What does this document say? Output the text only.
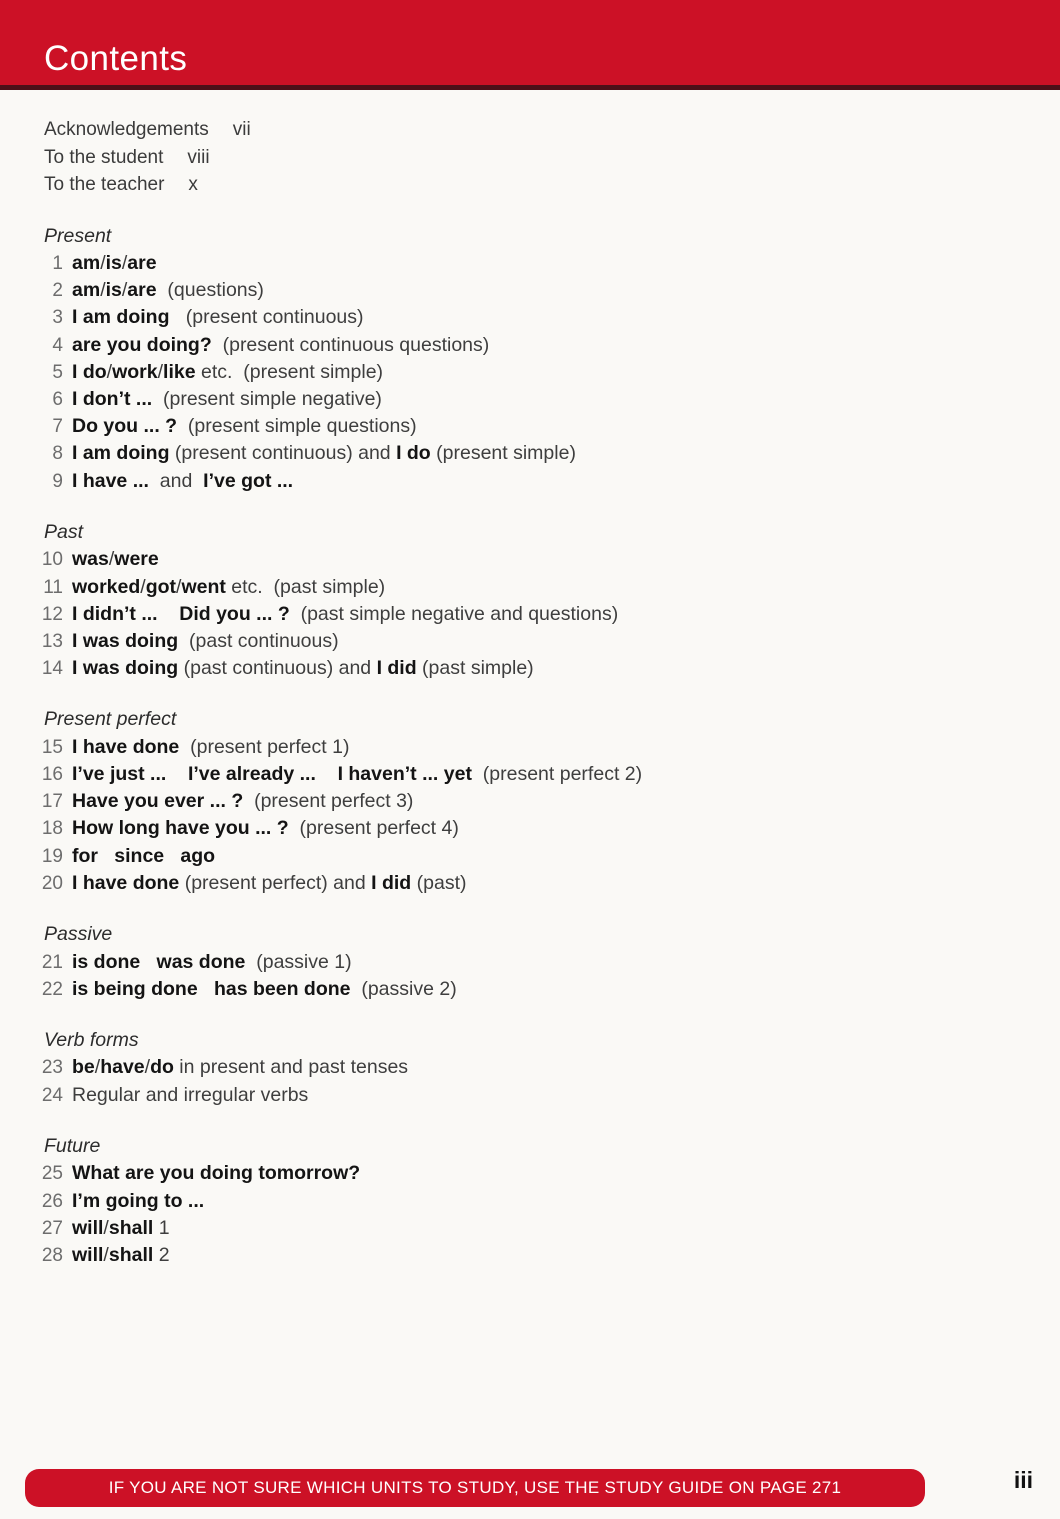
Contents
Acknowledgements vii
To the student viii
To the teacher x
Present
1 am/is/are
2 am/is/are  (questions)
3 I am doing   (present continuous)
4 are you doing?  (present continuous questions)
5 I do/work/like etc.  (present simple)
6 I don’t ...  (present simple negative)
7 Do you ... ?  (present simple questions)
8 I am doing (present continuous) and I do (present simple)
9 I have ...  and  I’ve got ...
Past
10 was/were
11 worked/got/went etc.  (past simple)
12 I didn’t ... Did you ... ?  (past simple negative and questions)
13 I was doing  (past continuous)
14 I was doing (past continuous) and I did (past simple)
Present perfect
15 I have done  (present perfect 1)
16 I’ve just ... I’ve already ... I haven’t ... yet  (present perfect 2)
17 Have you ever ... ?  (present perfect 3)
18 How long have you ... ?  (present perfect 4)
19 for since ago
20 I have done (present perfect) and I did (past)
Passive
21 is done was done  (passive 1)
22 is being done has been done  (passive 2)
Verb forms
23 be/have/do in present and past tenses
24 Regular and irregular verbs
Future
25 What are you doing tomorrow?
26 I’m going to ...
27 will/shall 1
28 will/shall 2
IF YOU ARE NOT SURE WHICH UNITS TO STUDY, USE THE STUDY GUIDE ON PAGE 271	iii
